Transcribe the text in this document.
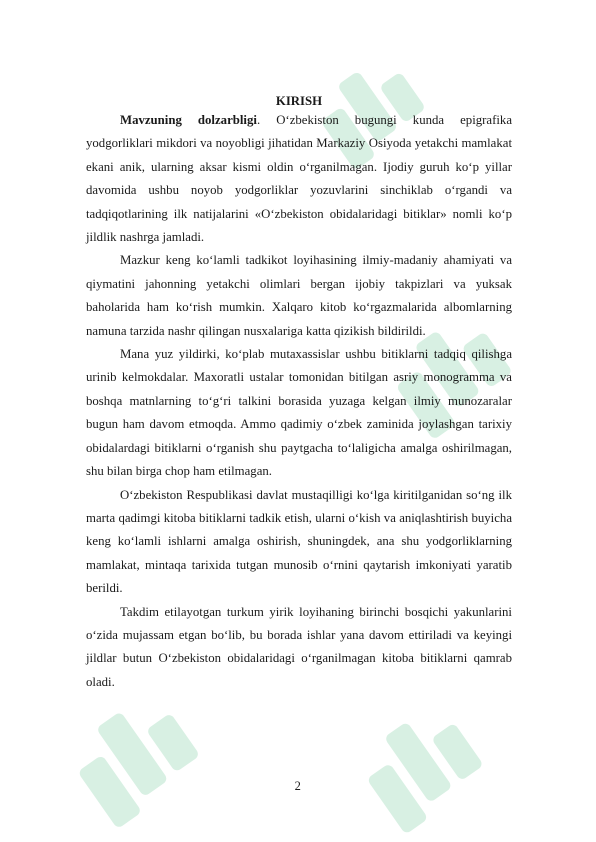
KIRISH

Mavzuning dolzarbligi. O‘zbekiston bugungi kunda epigrafika yodgorliklari mikdori va noyobligi jihatidan Markaziy Osiyoda yetakchi mamlakat ekani anik, ularning aksar kismi oldin o‘rganilmagan. Ijodiy guruh ko‘p yillar davomida ushbu noyob yodgorliklar yozuvlarini sinchiklab o‘rgandi va tadqiqotlarining ilk natijalarini «O‘zbekiston obidalaridagi bitiklar» nomli ko‘p jildlik nashrga jamladi.

Mazkur keng ko‘lamli tadkikot loyihasining ilmiy-madaniy ahamiyati va qiymatini jahonning yetakchi olimlari bergan ijobiy takpizlari va yuksak baholarida ham ko‘rish mumkin. Xalqaro kitob ko‘rgazmalarida albomlarning namuna tarzida nashr qilingan nusxalariga katta qizikish bildirildi.

Mana yuz yildirki, ko‘plab mutaxassislar ushbu bitiklarni tadqiq qilishga urinib kelmokdalar. Maxoratli ustalar tomonidan bitilgan asriy monogramma va boshqa matnlarning to‘g‘ri talkini borasida yuzaga kelgan ilmiy munozaralar bugun ham davom etmoqda. Ammo qadimiy o‘zbek zaminida joylashgan tarixiy obidalardagi bitiklarni o‘rganish shu paytgacha to‘laligicha amalga oshirilmagan, shu bilan birga chop ham etilmagan.

O‘zbekiston Respublikasi davlat mustaqilligi ko‘lga kiritilganidan so‘ng ilk marta qadimgi kitoba bitiklarni tadkik etish, ularni o‘kish va aniqlashtirish buyicha keng ko‘lamli ishlarni amalga oshirish, shuningdek, ana shu yodgorliklarning mamlakat, mintaqa tarixida tutgan munosib o‘rnini qaytarish imkoniyati yaratib berildi.

Takdim etilayotgan turkum yirik loyihaning birinchi bosqichi yakunlarini o‘zida mujassam etgan bo‘lib, bu borada ishlar yana davom ettiriladi va keyingi jildlar butun O‘zbekiston obidalaridagi o‘rganilmagan kitoba bitiklarni qamrab oladi.

2
